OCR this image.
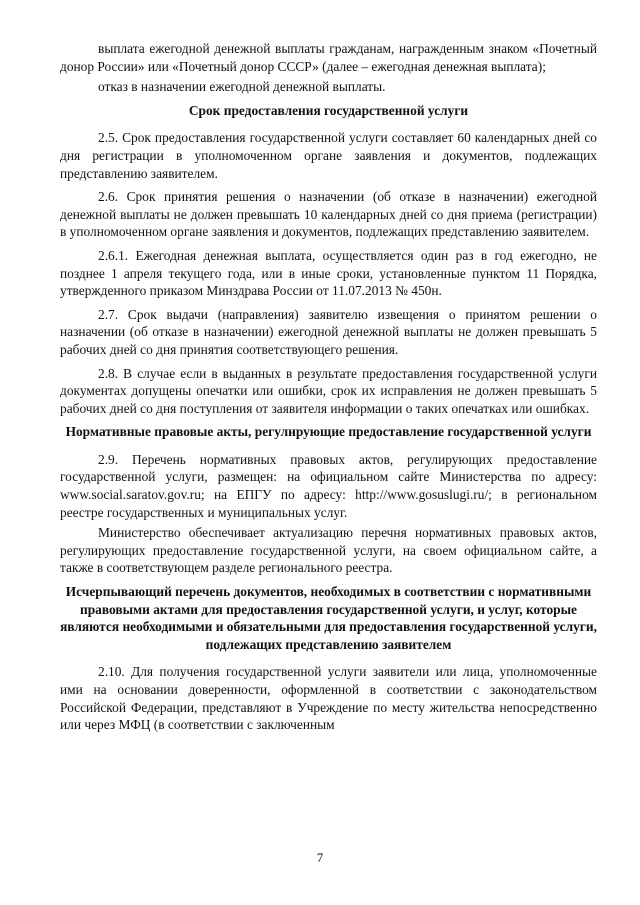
выплата ежегодной денежной выплаты гражданам, награжденным знаком «Почетный донор России» или «Почетный донор СССР» (далее – ежегодная денежная выплата);

отказ в назначении ежегодной денежной выплаты.

Срок предоставления государственной услуги

2.5. Срок предоставления государственной услуги составляет 60 календарных дней со дня регистрации в уполномоченном органе заявления и документов, подлежащих представлению заявителем.

2.6. Срок принятия решения о назначении (об отказе в назначении) ежегодной денежной выплаты не должен превышать 10 календарных дней со дня приема (регистрации) в уполномоченном органе заявления и документов, подлежащих представлению заявителем.

2.6.1. Ежегодная денежная выплата, осуществляется один раз в год ежегодно, не позднее 1 апреля текущего года, или в иные сроки, установленные пунктом 11 Порядка, утвержденного приказом Минздрава России от 11.07.2013 № 450н.

2.7. Срок выдачи (направления) заявителю извещения о принятом решении о назначении (об отказе в назначении) ежегодной денежной выплаты не должен превышать 5 рабочих дней со дня принятия соответствующего решения.

2.8. В случае если в выданных в результате предоставления государственной услуги документах допущены опечатки или ошибки, срок их исправления не должен превышать 5 рабочих дней со дня поступления от заявителя информации о таких опечатках или ошибках.

Нормативные правовые акты, регулирующие предоставление государственной услуги

2.9. Перечень нормативных правовых актов, регулирующих предоставление государственной услуги, размещен: на официальном сайте Министерства по адресу: www.social.saratov.gov.ru; на ЕПГУ по адресу: http://www.gosuslugi.ru/; в региональном реестре государственных и муниципальных услуг.

Министерство обеспечивает актуализацию перечня нормативных правовых актов, регулирующих предоставление государственной услуги, на своем официальном сайте, а также в соответствующем разделе регионального реестра.

Исчерпывающий перечень документов, необходимых в соответствии с нормативными правовыми актами для предоставления государственной услуги, и услуг, которые являются необходимыми и обязательными для предоставления государственной услуги, подлежащих представлению заявителем

2.10. Для получения государственной услуги заявители или лица, уполномоченные ими на основании доверенности, оформленной в соответствии с законодательством Российской Федерации, представляют в Учреждение по месту жительства непосредственно или через МФЦ (в соответствии с заключенным

7
